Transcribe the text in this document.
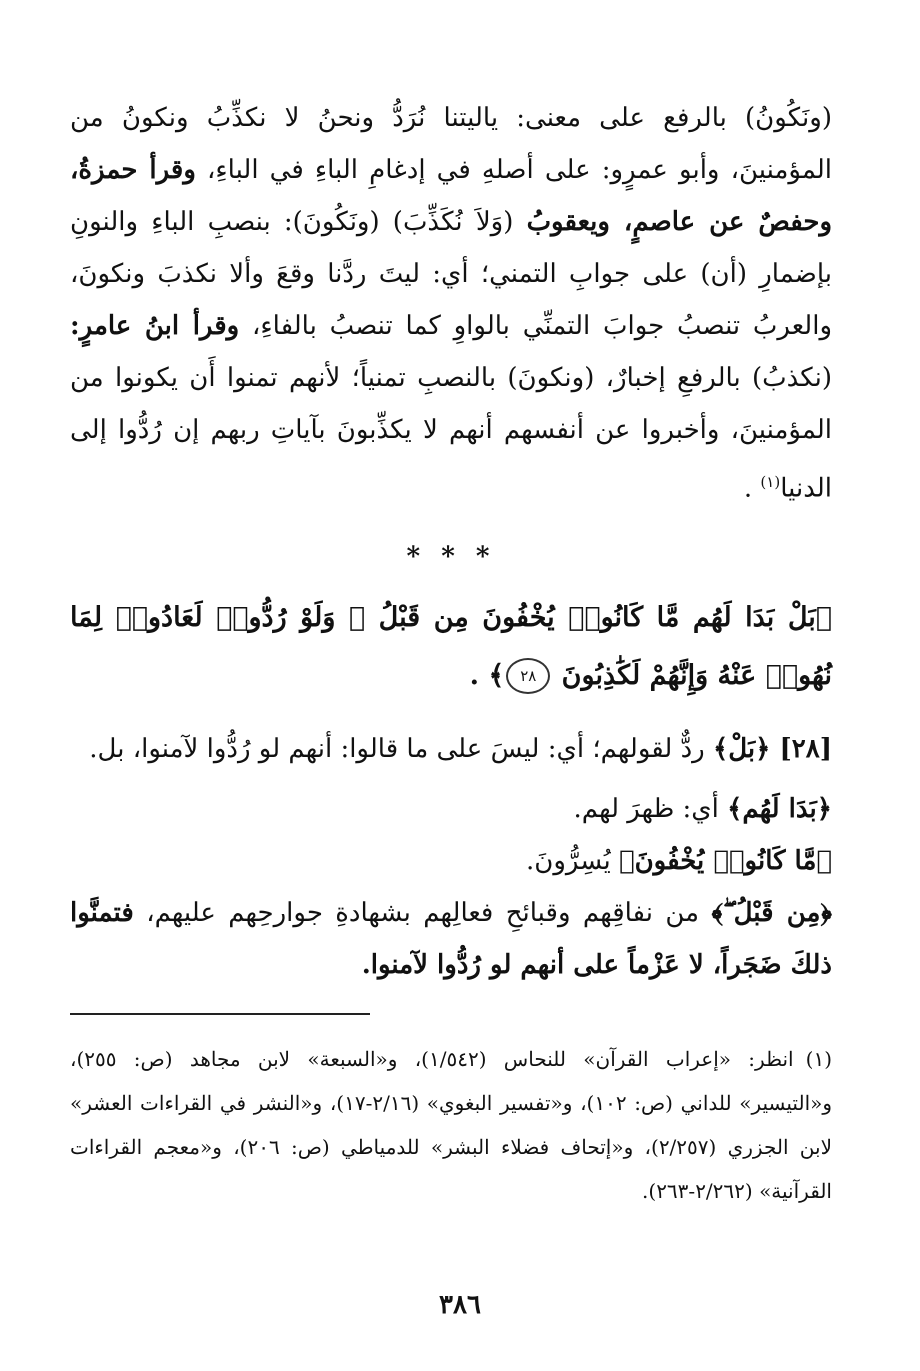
(ونَكُونُ) بالرفع على معنى: ياليتنا نُرَدُّ ونحنُ لا نكذِّبُ ونكونُ من المؤمنينَ، وأبو عمرٍو: على أصلهِ في إدغامِ الباءِ في الباءِ، وقرأ حمزةُ، وحفصٌ عن عاصمٍ، ويعقوبُ (وَلاَ نُكَذِّبَ) (ونَكُونَ): بنصبِ الباءِ والنونِ بإضمارِ (أن) على جوابِ التمني؛ أي: ليتَ ردَّنا وقعَ وألا نكذبَ ونكونَ، والعربُ تنصبُ جوابَ التمنِّي بالواوِ كما تنصبُ بالفاءِ، وقرأ ابنُ عامرٍ: (نكذبُ) بالرفعِ إخبارٌ، (ونكونَ) بالنصبِ تمنياً؛ لأنهم تمنوا أَن يكونوا من المؤمنينَ، وأخبروا عن أنفسهم أنهم لا يكذِّبونَ بآياتِ ربهم إن رُدُّوا إلى الدنيا$^{(١)}$ .

* * *

﴿بَلْ بَدَا لَهُم مَّا كَانُوا۟ يُخْفُونَ مِن قَبْلُ ۖ وَلَوْ رُدُّوا۟ لَعَادُوا۟ لِمَا نُهُوا۟ عَنْهُ وَإِنَّهُمْ لَكَٰذِبُونَ ٢٨﴾ .

[٢٨] ﴿بَلْ﴾ ردٌّ لقولهم؛ أي: ليسَ على ما قالوا: أنهم لو رُدُّوا لآمنوا، بل.

﴿بَدَا لَهُم﴾ أي: ظهرَ لهم.

﴿مَّا كَانُوا۟ يُخْفُونَ﴾ يُسِرُّونَ.

﴿مِن قَبْلُ ۖ﴾ من نفاقِهم وقبائحِ فعالِهم بشهادةِ جوارحِهم عليهم، فتمنَّوا ذلكَ ضَجَراً، لا عَزْماً على أنهم لو رُدُّوا لآمنوا.

(١)انظر: «إعراب القرآن» للنحاس (١/٥٤٢)، و«السبعة» لابن مجاهد (ص: ٢٥٥)، و«التيسير» للداني (ص: ١٠٢)، و«تفسير البغوي» (٢/١٦-١٧)، و«النشر في القراءات العشر» لابن الجزري (٢/٢٥٧)، و«إتحاف فضلاء البشر» للدمياطي (ص: ٢٠٦)، و«معجم القراءات القرآنية» (٢/٢٦٢-٢٦٣).

٣٨٦
